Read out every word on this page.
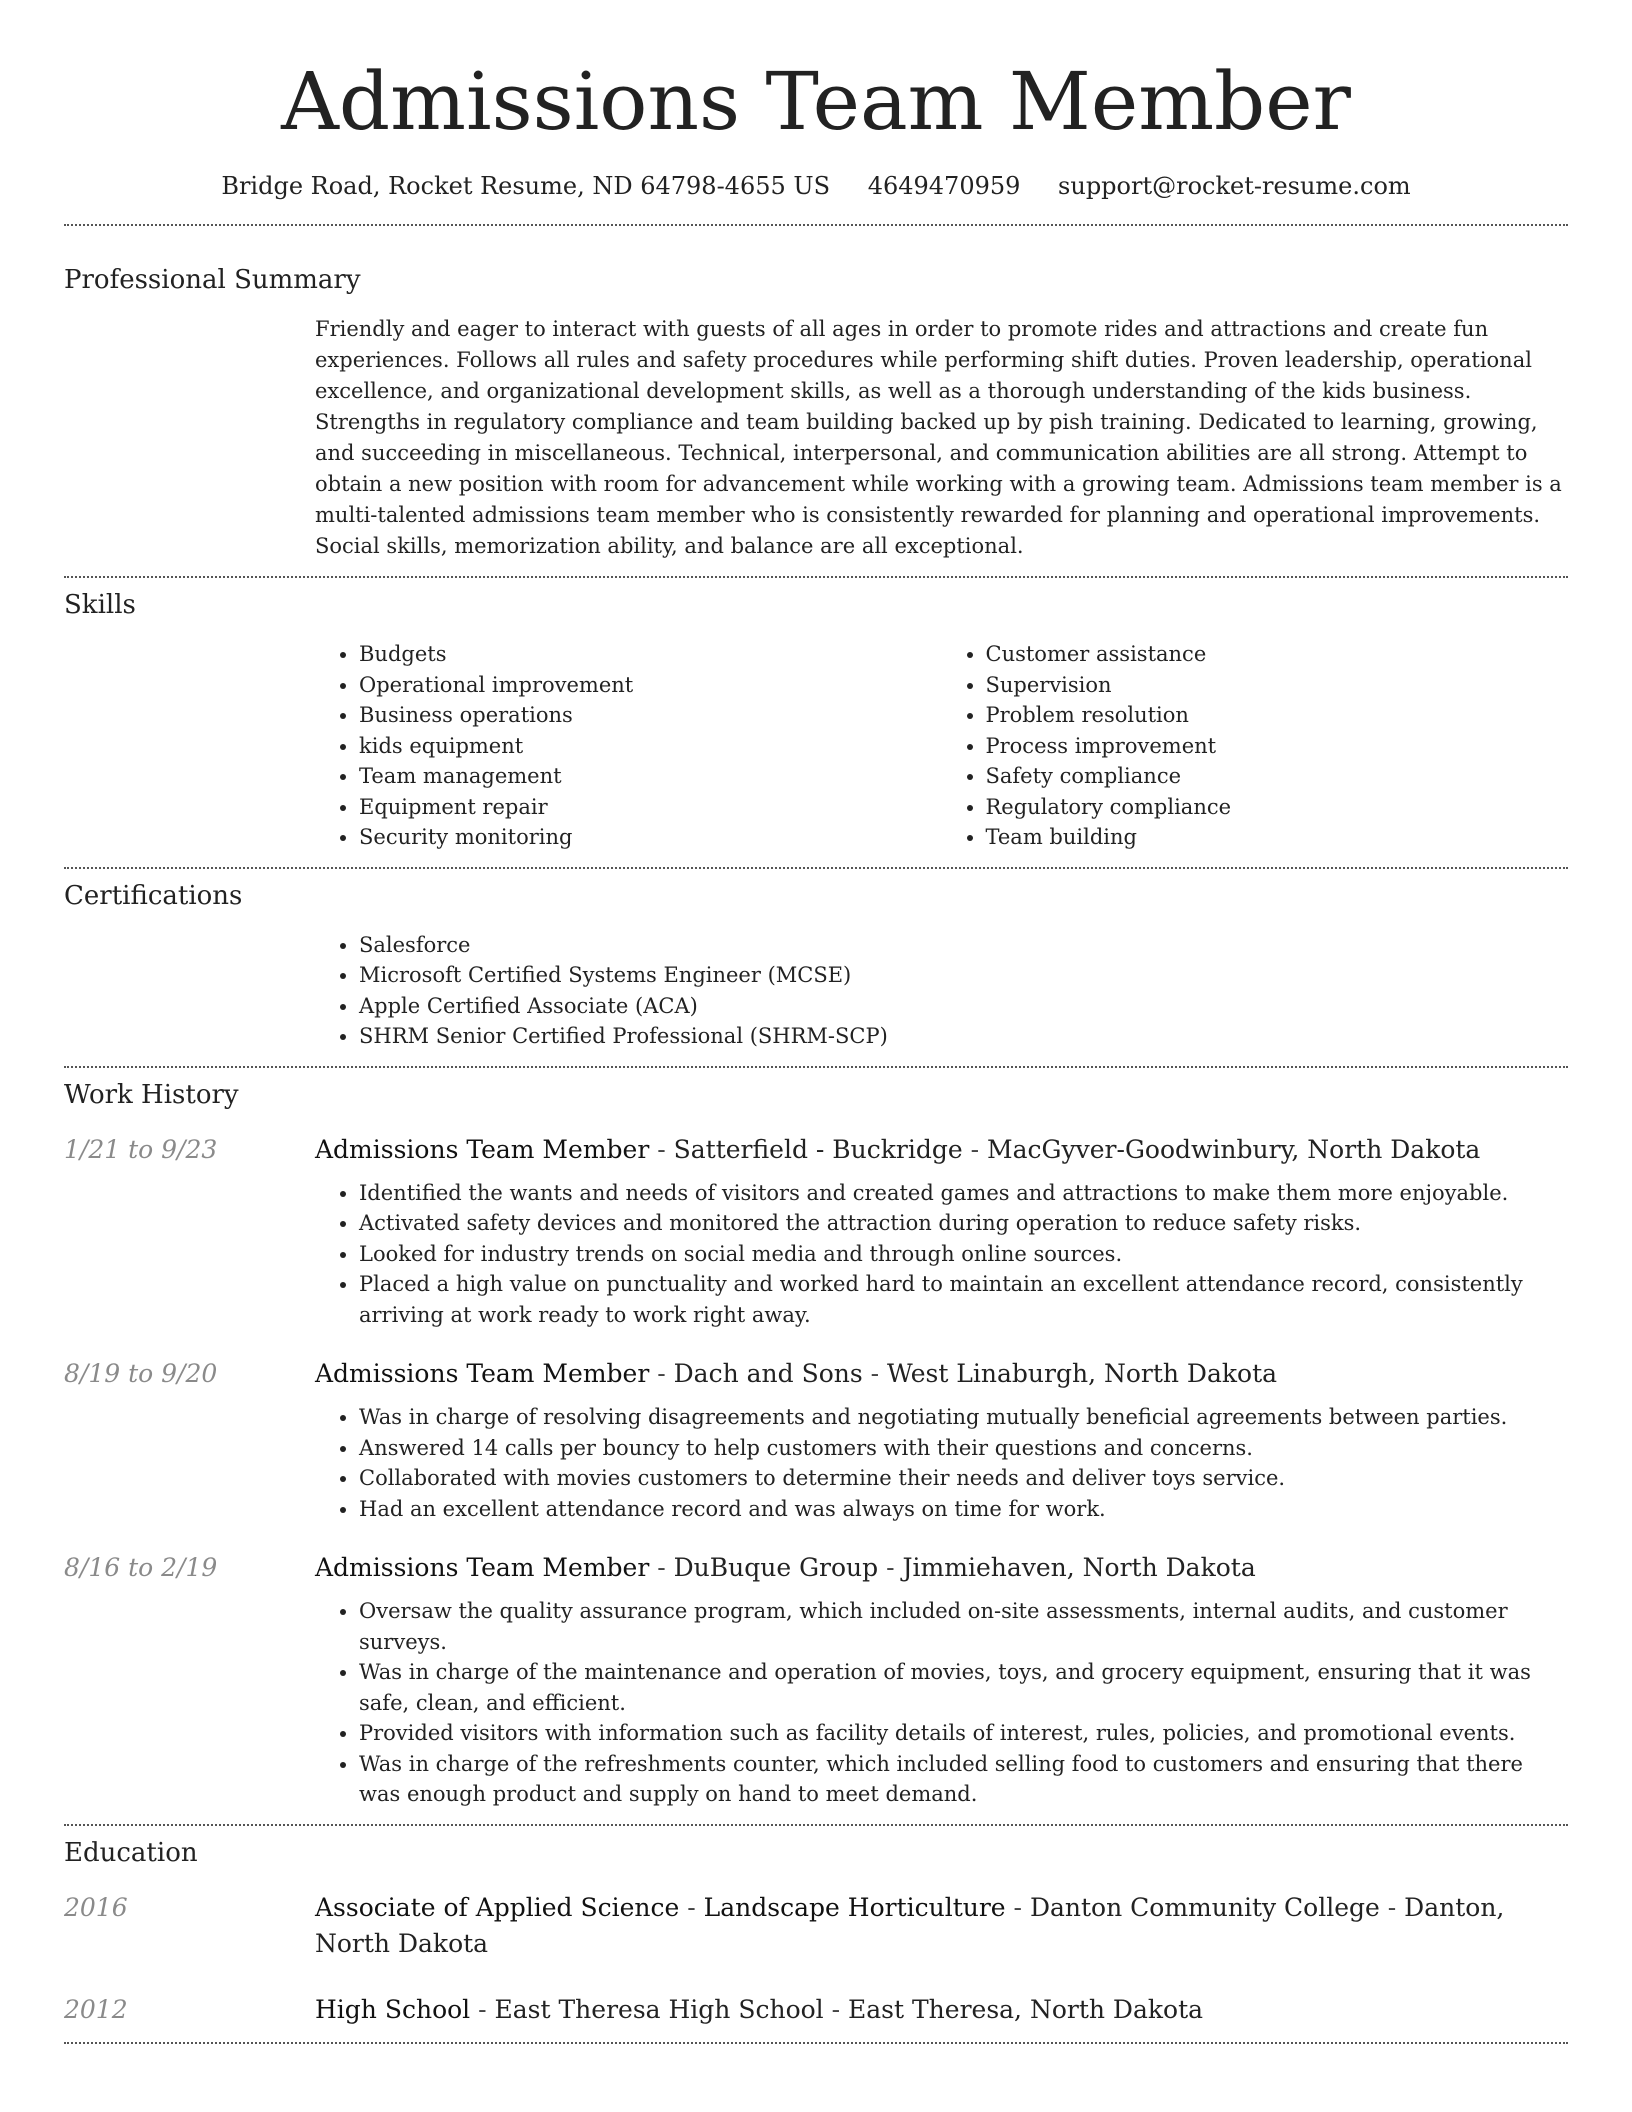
Admissions Team Member
Bridge Road, Rocket Resume, ND 64798-4655 US 4649470959 support@rocket-resume.com
Professional Summary

Friendly and eager to interact with guests of all ages in order to promote rides and attractions and create fun experiences. Follows all rules and safety procedures while performing shift duties. Proven leadership, operational excellence, and organizational development skills, as well as a thorough understanding of the kids business. Strengths in regulatory compliance and team building backed up by pish training. Dedicated to learning, growing, and succeeding in miscellaneous. Technical, interpersonal, and communication abilities are all strong. Attempt to obtain a new position with room for advancement while working with a growing team. Admissions team member is a multi-talented admissions team member who is consistently rewarded for planning and operational improvements. Social skills, memorization ability, and balance are all exceptional.

Skills
• Budgets
• Operational improvement
• Business operations
• kids equipment
• Team management
• Equipment repair
• Security monitoring
• Customer assistance
• Supervision
• Problem resolution
• Process improvement
• Safety compliance
• Regulatory compliance
• Team building
Certifications
• Salesforce
• Microsoft Certified Systems Engineer (MCSE)
• Apple Certified Associate (ACA)
• SHRM Senior Certified Professional (SHRM-SCP)
Work History
1/21 to 9/23	Admissions Team Member - Satterfield - Buckridge - MacGyver-Goodwinbury, North Dakota
• Identified the wants and needs of visitors and created games and attractions to make them more enjoyable.
• Activated safety devices and monitored the attraction during operation to reduce safety risks.
• Looked for industry trends on social media and through online sources.
• Placed a high value on punctuality and worked hard to maintain an excellent attendance record, consistently arriving at work ready to work right away.
8/19 to 9/20	Admissions Team Member - Dach and Sons - West Linaburgh, North Dakota
• Was in charge of resolving disagreements and negotiating mutually beneficial agreements between parties.
• Answered 14 calls per bouncy to help customers with their questions and concerns.
• Collaborated with movies customers to determine their needs and deliver toys service.
• Had an excellent attendance record and was always on time for work.
8/16 to 2/19	Admissions Team Member - DuBuque Group - Jimmiehaven, North Dakota
• Oversaw the quality assurance program, which included on-site assessments, internal audits, and customer surveys.
• Was in charge of the maintenance and operation of movies, toys, and grocery equipment, ensuring that it was safe, clean, and efficient.
• Provided visitors with information such as facility details of interest, rules, policies, and promotional events.
• Was in charge of the refreshments counter, which included selling food to customers and ensuring that there was enough product and supply on hand to meet demand.
Education
2016	Associate of Applied Science - Landscape Horticulture - Danton Community College - Danton, North Dakota
2012	High School - East Theresa High School - East Theresa, North Dakota
